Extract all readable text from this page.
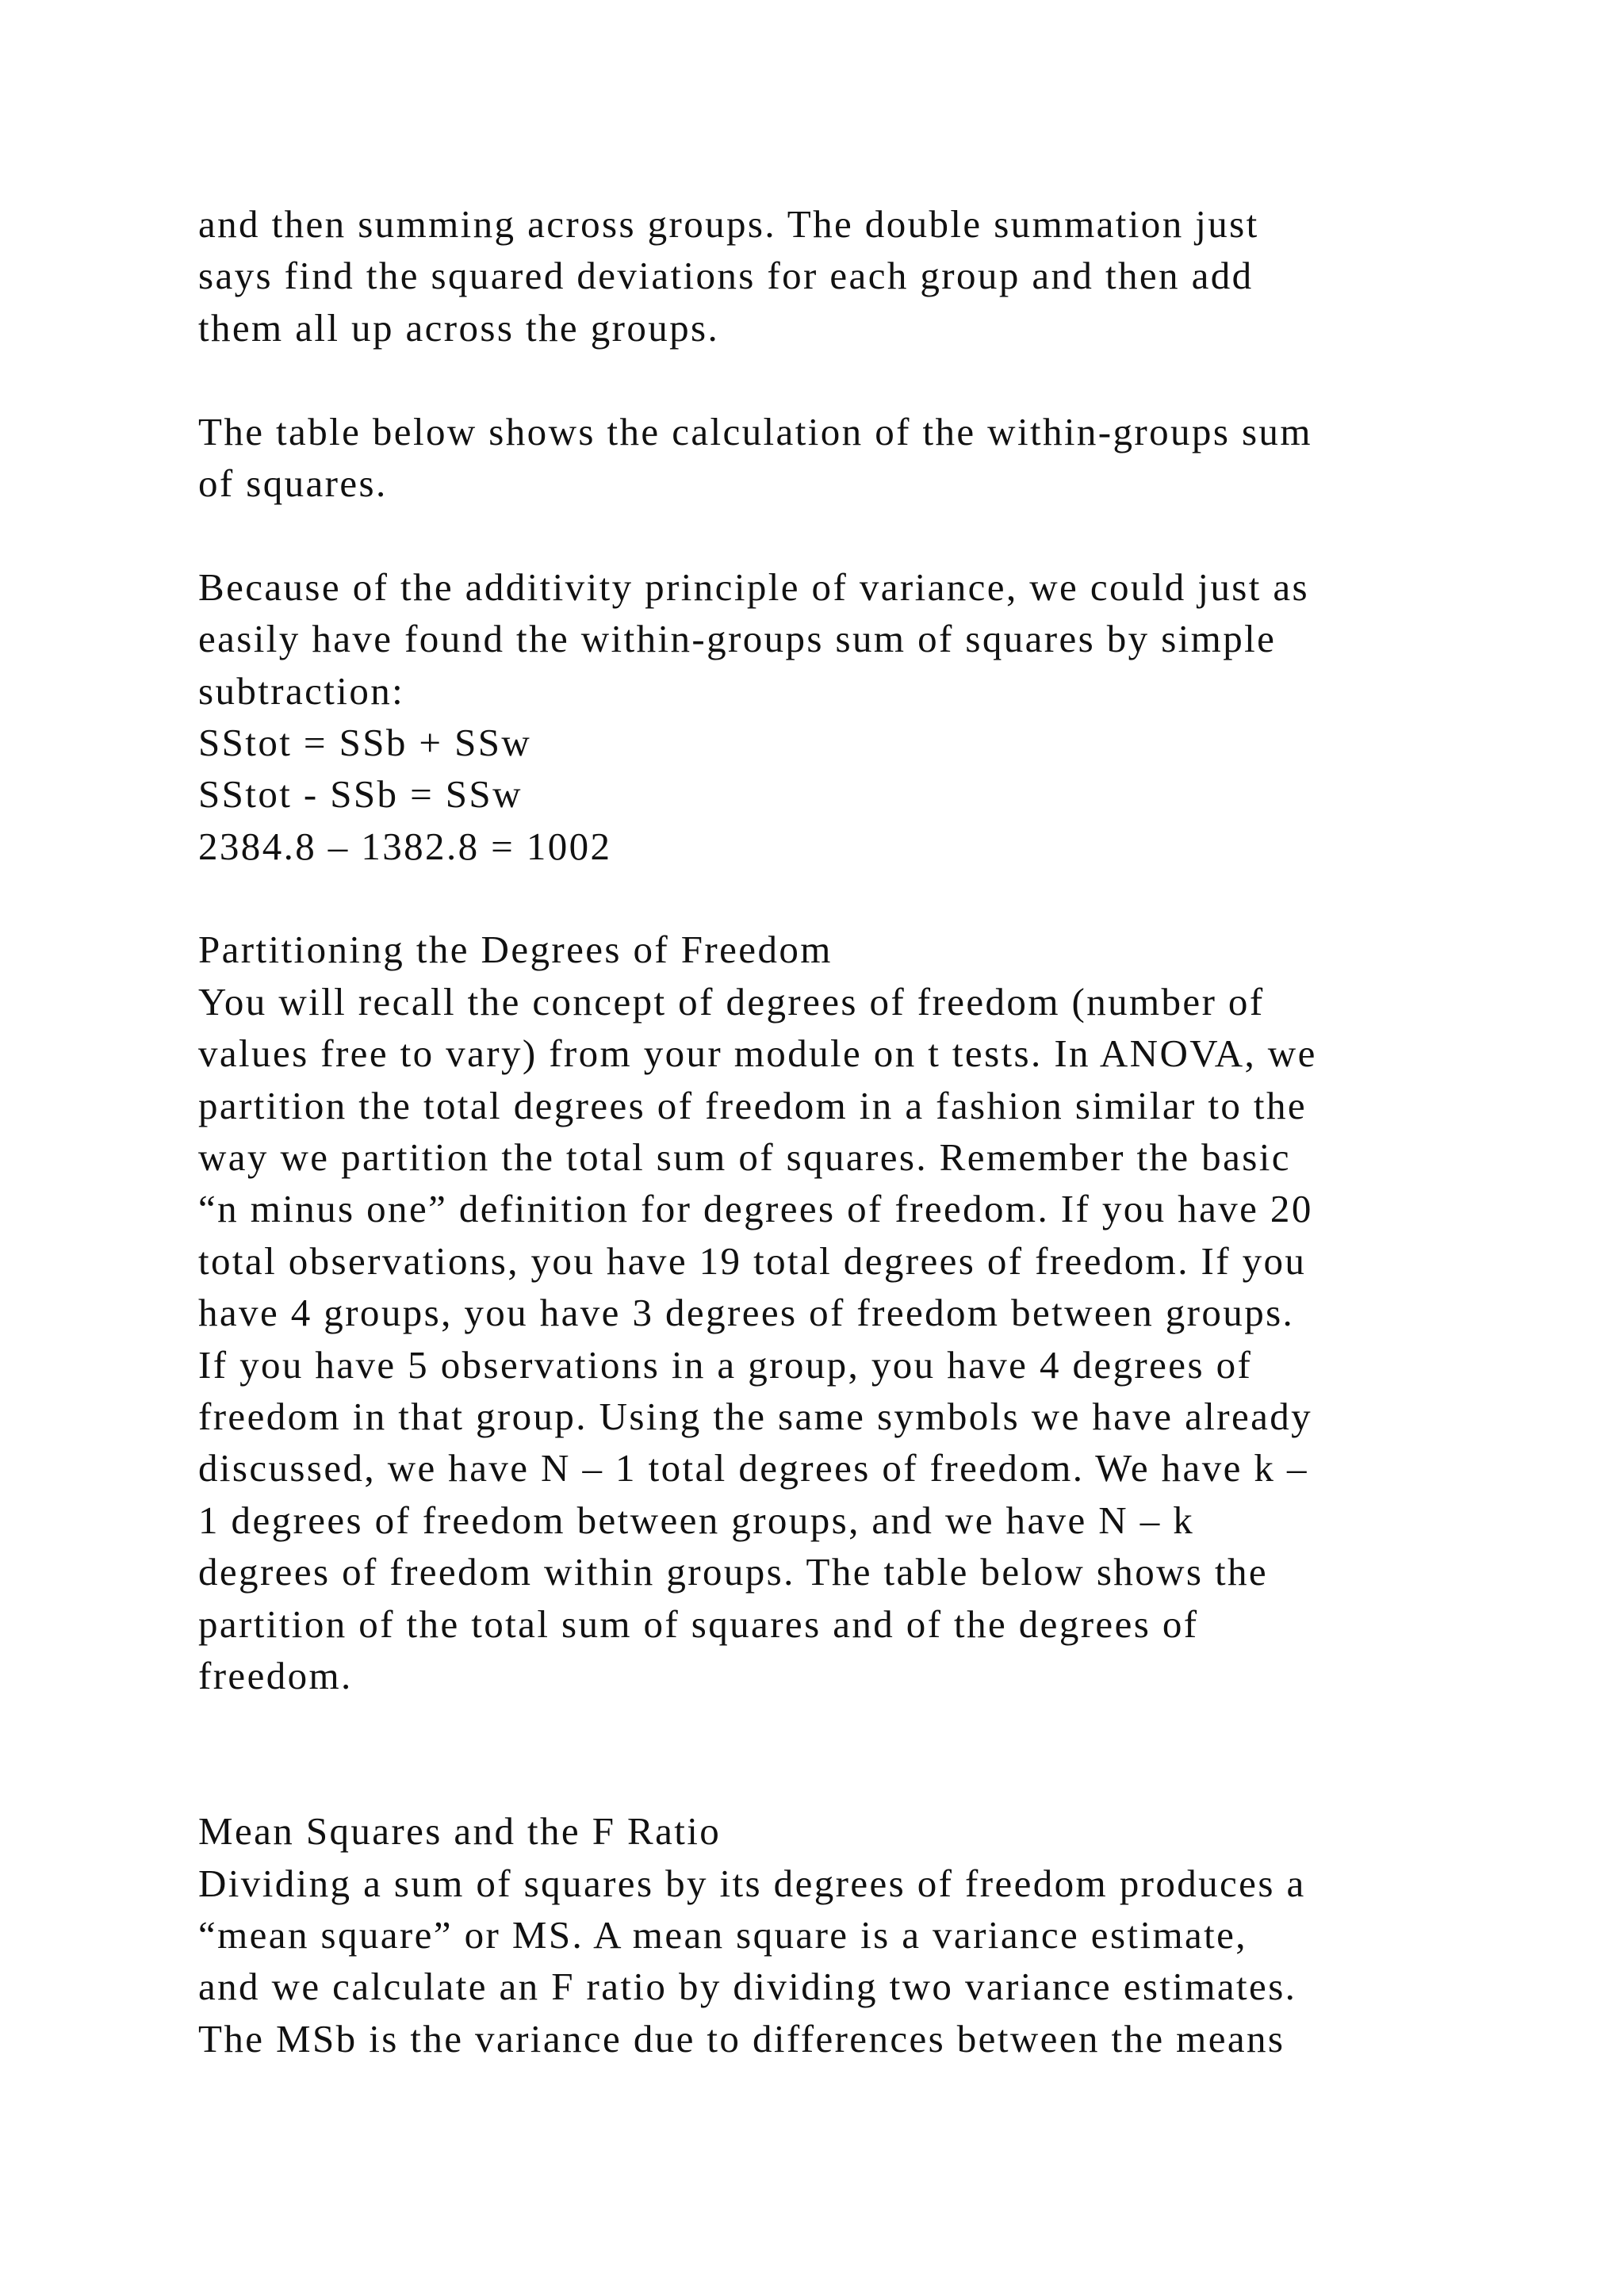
and then summing across groups. The double summation just
says find the squared deviations for each group and then add
them all up across the groups.
The table below shows the calculation of the within-groups sum
of squares.
Because of the additivity principle of variance, we could just as
easily have found the within-groups sum of squares by simple
subtraction:
SStot = SSb + SSw
SStot - SSb = SSw
2384.8 – 1382.8 = 1002
Partitioning the Degrees of Freedom
You will recall the concept of degrees of freedom (number of
values free to vary) from your module on t tests. In ANOVA, we
partition the total degrees of freedom in a fashion similar to the
way we partition the total sum of squares. Remember the basic
“n minus one” definition for degrees of freedom. If you have 20
total observations, you have 19 total degrees of freedom. If you
have 4 groups, you have 3 degrees of freedom between groups.
If you have 5 observations in a group, you have 4 degrees of
freedom in that group. Using the same symbols we have already
discussed, we have N – 1 total degrees of freedom. We have k –
1 degrees of freedom between groups, and we have N – k
degrees of freedom within groups. The table below shows the
partition of the total sum of squares and of the degrees of
freedom.
Mean Squares and the F Ratio
Dividing a sum of squares by its degrees of freedom produces a
“mean square” or MS. A mean square is a variance estimate,
and we calculate an F ratio by dividing two variance estimates.
The MSb is the variance due to differences between the means
